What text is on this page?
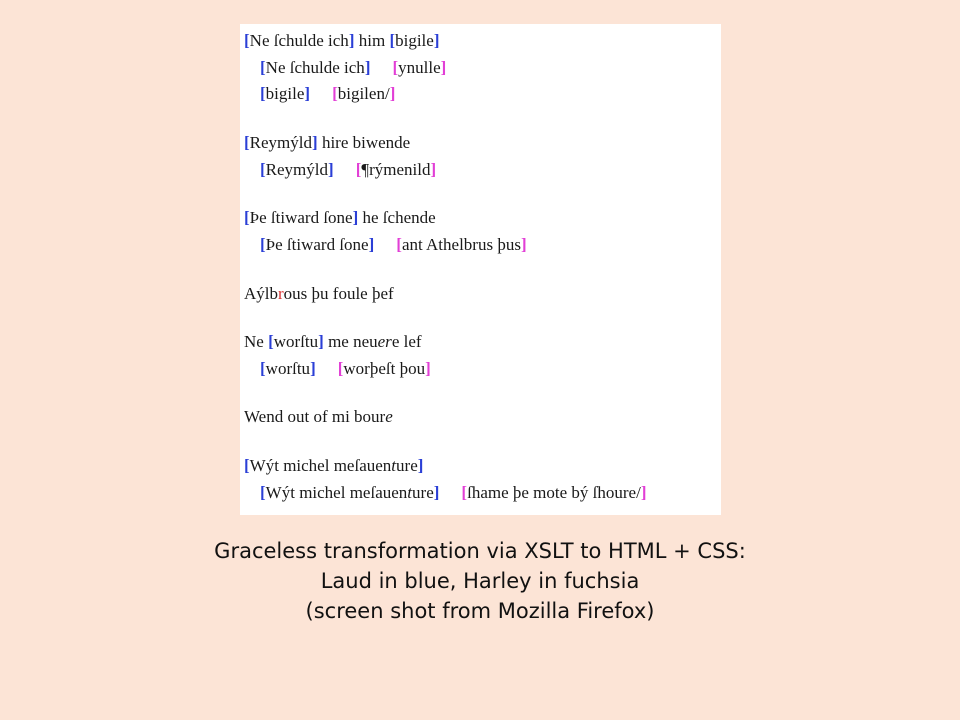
[Ne ſchulde ich] him [bigile]
[Ne ſchulde ich] [ynulle]
[bigile] [bigilen/]
[Reymýld] hire biwende
[Reymýld] [¶rýmenild]
[Þe ſtiward ſone] he ſchende
[Þe ſtiward ſone] [ant Athelbrus þus]
Aýlbrous þu foule þef
Ne [worſtu] me neuere lef
[worſtu] [worþeſt þou]
Wend out of mi boure
[Wýt michel meſauenture]
[Wýt michel meſauenture] [ſhame þe mote bý ſhoure/]
Graceless transformation via XSLT to HTML + CSS:
Laud in blue, Harley in fuchsia
(screen shot from Mozilla Firefox)
